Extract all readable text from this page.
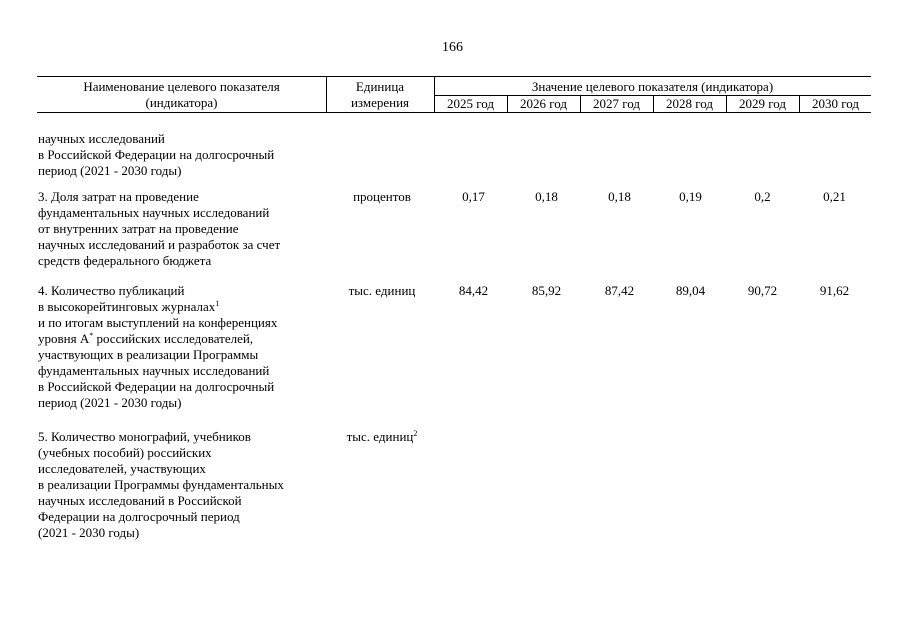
166
Наименование целевого показателя
(индикатора)
Единица
измерения
Значение целевого показателя (индикатора)
2025 год	2026 год	2027 год	2028 год	2029 год	2030 год
научных исследований
в Российской Федерации на долгосрочный
период (2021 - 2030 годы)
3. Доля затрат на проведение
фундаментальных научных исследований
от внутренних затрат на проведение
научных исследований и разработок за счет
средств федерального бюджета
процентов	0,17	0,18	0,18	0,19	0,2	0,21
4. Количество публикаций
в высокорейтинговых журналах$^1$
и по итогам выступлений на конференциях
уровня А* российских исследователей,
участвующих в реализации Программы
фундаментальных научных исследований
в Российской Федерации на долгосрочный
период (2021 - 2030 годы)
тыс. единиц	84,42	85,92	87,42	89,04	90,72	91,62
5. Количество монографий, учебников
(учебных пособий) российских
исследователей, участвующих
в реализации Программы фундаментальных
научных исследований в Российской
Федерации на долгосрочный период
(2021 - 2030 годы)
тыс. единиц$^2$
